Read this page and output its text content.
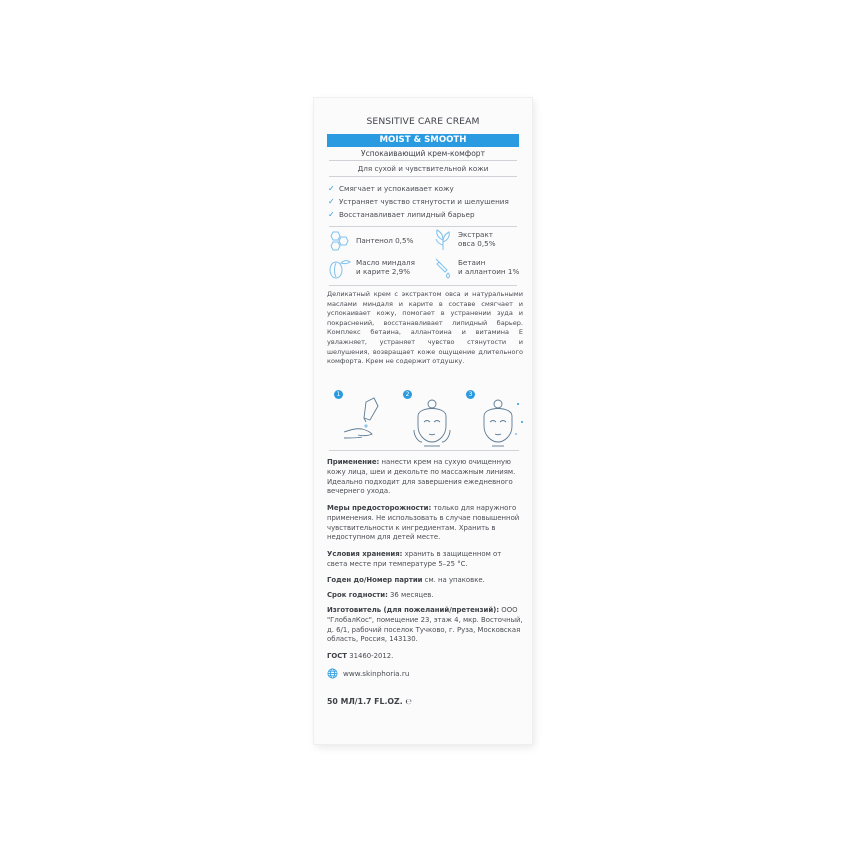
SENSITIVE CARE CREAM
MOIST & SMOOTH
Успокаивающий крем-комфорт
Для сухой и чувствительной кожи
✓ Смягчает и успокаивает кожу
✓ Устраняет чувство стянутости и шелушения
✓ Восстанавливает липидный барьер
Пантенол 0,5%
Экстракт
овса 0,5%
Масло миндаля
и карите 2,9%
Бетаин
и аллантоин 1%
Деликатный крем с экстрактом овса и натуральными маслами миндаля и карите в составе смягчает и успокаивает кожу, помогает в устранении зуда и покраснений, восстанавливает липидный барьер. Комплекс бетаина, аллантоина и витамина Е увлажняет, устраняет чувство стянутости и шелушения, возвращает коже ощущение длительного комфорта. Крем не содержит отдушку.
1	2	3
Применение: нанести крем на сухую очищенную кожу лица, шеи и декольте по массажным линиям. Идеально подходит для завершения ежедневного вечернего ухода.
Меры предосторожности: только для наружного применения. Не использовать в случае повышенной чувствительности к ингредиентам. Хранить в недоступном для детей месте.
Условия хранения: хранить в защищенном от света месте при температуре 5–25 °С.
Годен до/Номер партии см. на упаковке.
Срок годности: 36 месяцев.
Изготовитель (для пожеланий/претензий): ООО "ГлобалКос", помещение 23, этаж 4, мкр. Восточный, д. 6/1, рабочий поселок Тучково, г. Руза, Московская область, Россия, 143130.
ГОСТ 31460-2012.
www.skinphoria.ru
50 МЛ/1.7 FL.OZ. ℮
